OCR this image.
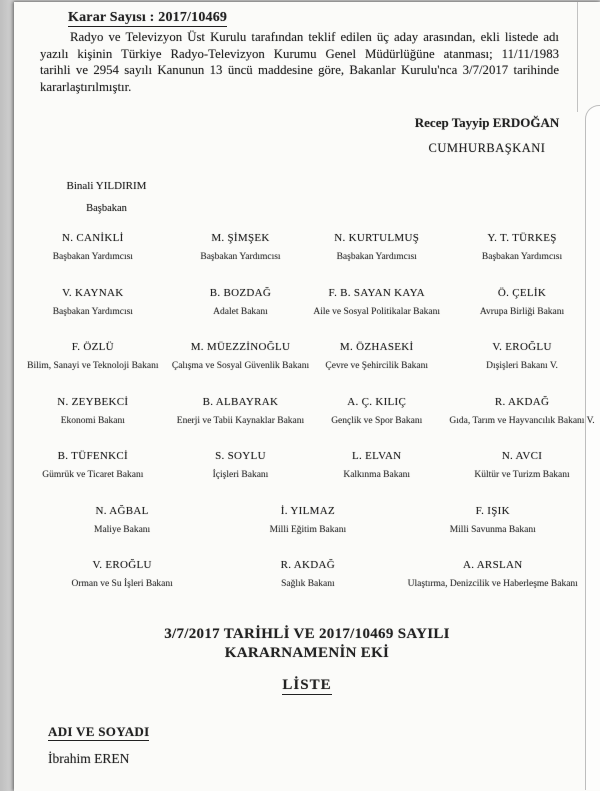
Karar Sayısı : 2017/10469
Radyo ve Televizyon Üst Kurulu tarafından teklif edilen üç aday arasından, ekli listede adı yazılı kişinin Türkiye Radyo-Televizyon Kurumu Genel Müdürlüğüne atanması; 11/11/1983 tarihli ve 2954 sayılı Kanunun 13 üncü maddesine göre, Bakanlar Kurulu'nca 3/7/2017 tarihinde kararlaştırılmıştır.
Recep Tayyip ERDOĞAN
CUMHURBAŞKANI
Binali YILDIRIM
Başbakan
N. CANİKLİ
Başbakan Yardımcısı
M. ŞİMŞEK
Başbakan Yardımcısı
N. KURTULMUŞ
Başbakan Yardımcısı
Y. T. TÜRKEŞ
Başbakan Yardımcısı
V. KAYNAK
Başbakan Yardımcısı
B. BOZDAĞ
Adalet Bakanı
F. B. SAYAN KAYA
Aile ve Sosyal Politikalar Bakanı
Ö. ÇELİK
Avrupa Birliği Bakanı
F. ÖZLÜ
Bilim, Sanayi ve Teknoloji Bakanı
M. MÜEZZİNOĞLU
Çalışma ve Sosyal Güvenlik Bakanı
M. ÖZHASEKİ
Çevre ve Şehircilik Bakanı
V. EROĞLU
Dışişleri Bakanı V.
N. ZEYBEKCİ
Ekonomi Bakanı
B. ALBAYRAK
Enerji ve Tabii Kaynaklar Bakanı
A. Ç. KILIÇ
Gençlik ve Spor Bakanı
R. AKDAĞ
Gıda, Tarım ve Hayvancılık Bakanı V.
B. TÜFENKCİ
Gümrük ve Ticaret Bakanı
S. SOYLU
İçişleri Bakanı
L. ELVAN
Kalkınma Bakanı
N. AVCI
Kültür ve Turizm Bakanı
N. AĞBAL
Maliye Bakanı
İ. YILMAZ
Milli Eğitim Bakanı
F. IŞIK
Milli Savunma Bakanı
V. EROĞLU
Orman ve Su İşleri Bakanı
R. AKDAĞ
Sağlık Bakanı
A. ARSLAN
Ulaştırma, Denizcilik ve Haberleşme Bakanı
3/7/2017 TARİHLİ VE 2017/10469 SAYILI
KARARNAMENİN EKİ
LİSTE
ADI VE SOYADI
İbrahim EREN
